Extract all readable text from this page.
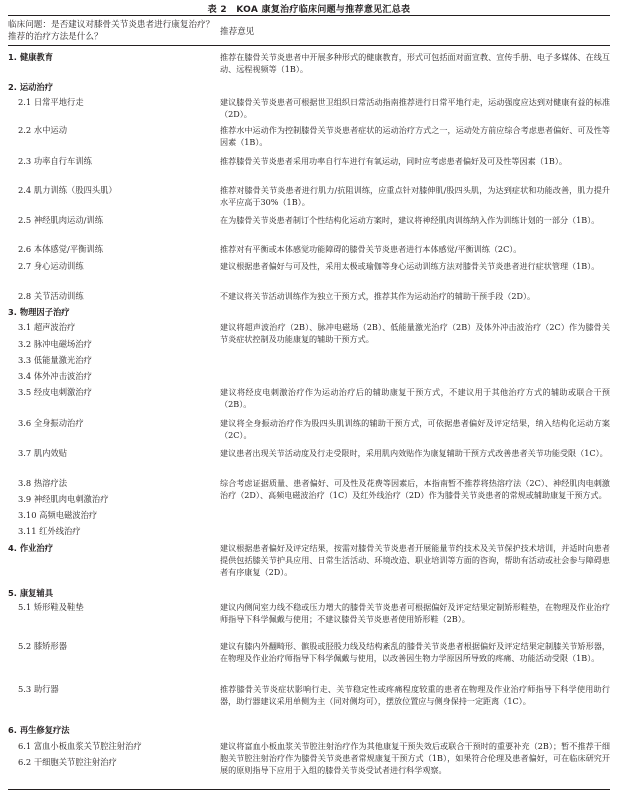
表 2　KOA 康复治疗临床问题与推荐意见汇总表
临床问题：是否建议对膝骨关节炎患者进行康复治疗？推荐的治疗方法是什么？	推荐意见
1. 健康教育	推荐在膝骨关节炎患者中开展多种形式的健康教育，形式可包括面对面宣教、宣传手册、电子多媒体、在线互动、远程视频等（1B）。
2. 运动治疗
2.1 日常平地行走	建议膝骨关节炎患者可根据世卫组织日常活动指南推荐进行日常平地行走，运动强度应达到对健康有益的标准（2D）。
2.2 水中运动	推荐水中运动作为控制膝骨关节炎患者症状的运动治疗方式之一，运动处方前应综合考虑患者偏好、可及性等因素（1B）。
2.3 功率自行车训练	推荐膝骨关节炎患者采用功率自行车进行有氧运动，同时应考虑患者偏好及可及性等因素（1B）。
2.4 肌力训练（股四头肌）	推荐对膝骨关节炎患者进行肌力/抗阻训练，应重点针对膝伸肌/股四头肌，为达到症状和功能改善，肌力提升水平应高于30%（1B）。
2.5 神经肌肉运动/训练	在为膝骨关节炎患者制订个性结构化运动方案时，建议将神经肌肉训练纳入作为训练计划的一部分（1B）。
2.6 本体感觉/平衡训练	推荐对有平衡或本体感觉功能障碍的膝骨关节炎患者进行本体感觉/平衡训练（2C）。
2.7 身心运动训练	建议根据患者偏好与可及性，采用太极或瑜伽等身心运动训练方法对膝骨关节炎患者进行症状管理（1B）。
2.8 关节活动训练	不建议将关节活动训练作为独立干预方式，推荐其作为运动治疗的辅助干预手段（2D）。
3. 物理因子治疗
3.1 超声波治疗	建议将超声波治疗（2B）、脉冲电磁场（2B）、低能量激光治疗（2B）及体外冲击波治疗（2C）作为膝骨关节炎症状控制及功能康复的辅助干预方式。
3.2 脉冲电磁场治疗
3.3 低能量激光治疗
3.4 体外冲击波治疗
3.5 经皮电刺激治疗	建议将经皮电刺激治疗作为运动治疗后的辅助康复干预方式，不建议用于其他治疗方式的辅助或联合干预（2B）。
3.6 全身振动治疗	建议将全身振动治疗作为股四头肌训练的辅助干预方式，可依据患者偏好及评定结果，纳入结构化运动方案（2C）。
3.7 肌内效贴	建议患者出现关节活动度及行走受限时，采用肌内效贴作为康复辅助干预方式改善患者关节功能受限（1C）。
3.8 热溶疗法	综合考虑证据质量、患者偏好、可及性及花费等因素后，本指南暂不推荐将热溶疗法（2C）、神经肌肉电刺激治疗（2D）、高频电磁波治疗（1C）及红外线治疗（2D）作为膝骨关节炎患者的常规或辅助康复干预方式。
3.9 神经肌肉电刺激治疗
3.10 高频电磁波治疗
3.11 红外线治疗
4. 作业治疗	建议根据患者偏好及评定结果，按需对膝骨关节炎患者开展能量节约技术及关节保护技术培训，并适时向患者提供包括膝关节护具应用、日常生活活动、环境改造、职业培训等方面的咨询，帮助有活动或社会参与障碍患者有序康复（2D）。
5. 康复辅具
5.1 矫形鞋及鞋垫	建议内侧间室力线不稳或压力增大的膝骨关节炎患者可根据偏好及评定结果定制矫形鞋垫，在物理及作业治疗师指导下科学佩戴与使用；不建议膝骨关节炎患者使用矫形鞋（2B）。
5.2 膝矫形器	建议有膝内外翻畸形、髌股或胫股力线及结构紊乱的膝骨关节炎患者根据偏好及评定结果定制膝关节矫形器，在物理及作业治疗师指导下科学佩戴与使用，以改善因生物力学原因所导致的疼痛、功能活动受限（1B）。
5.3 助行器	推荐膝骨关节炎症状影响行走、关节稳定性或疼痛程度较重的患者在物理及作业治疗师指导下科学使用助行器，助行器建议采用单侧为主（同对侧均可），摆放位置应与侧身保持一定距离（1C）。
6. 再生修复疗法
6.1 富血小板血浆关节腔注射治疗	建议将富血小板血浆关节腔注射治疗作为其他康复干预失效后或联合干预时的重要补充（2B）；暂不推荐干细胞关节腔注射治疗作为膝骨关节炎患者常规康复干预方式（1B），如果符合伦理及患者偏好，可在临床研究开展的原则指导下应用于入组的膝骨关节炎受试者进行科学观察。
6.2 干细胞关节腔注射治疗
